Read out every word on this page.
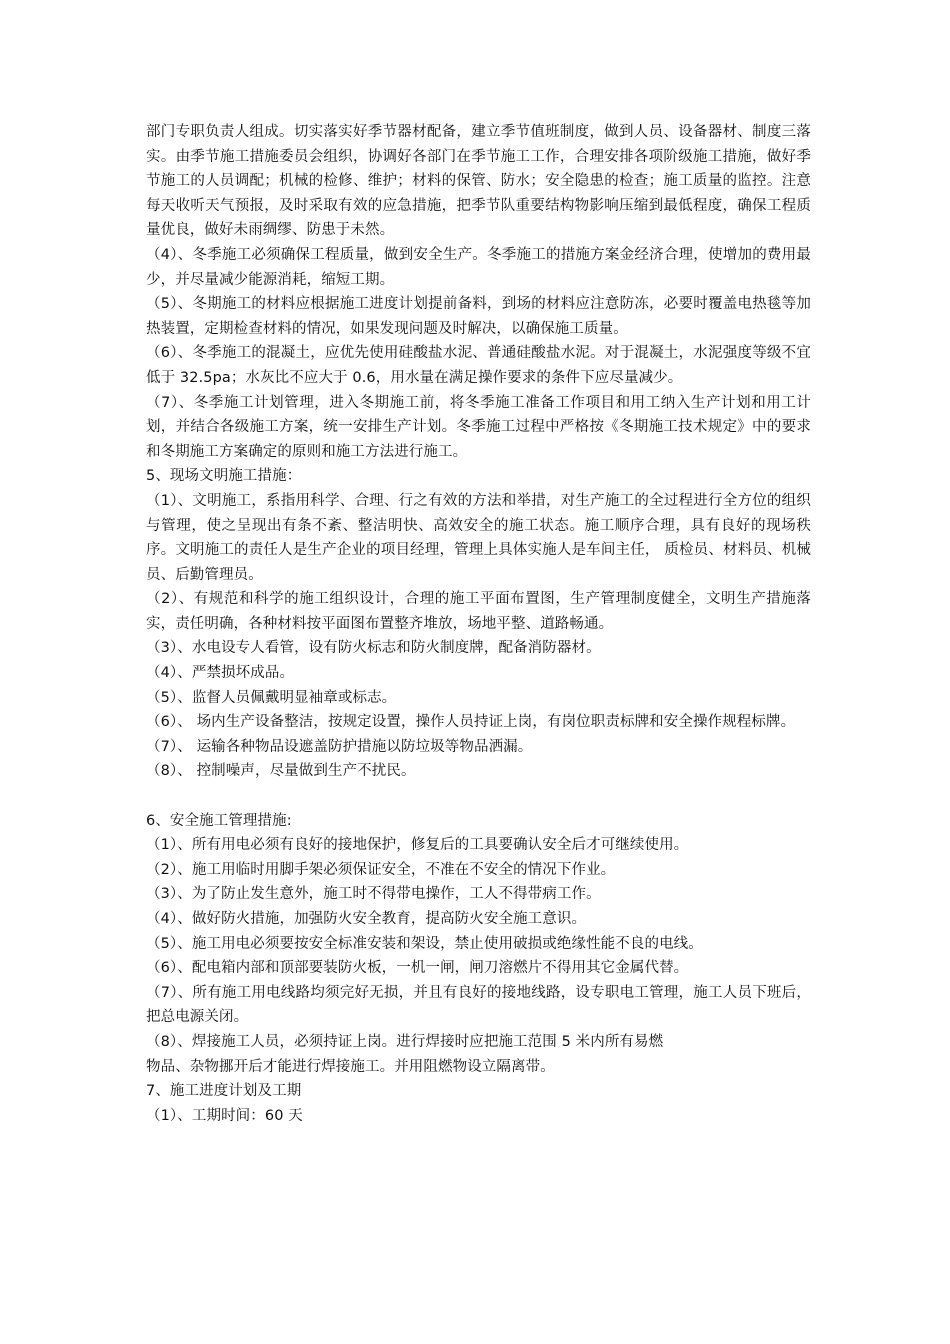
部门专职负责人组成。切实落实好季节器材配备，建立季节值班制度，做到人员、设备器材、制度三落实。由季节施工措施委员会组织，协调好各部门在季节施工工作，合理安排各项阶级施工措施，做好季节施工的人员调配；机械的检修、维护；材料的保管、防水；安全隐患的检查；施工质量的监控。注意每天收听天气预报，及时采取有效的应急措施，把季节队重要结构物影响压缩到最低程度，确保工程质量优良，做好未雨绸缪、防患于未然。

（4）、冬季施工必须确保工程质量，做到安全生产。冬季施工的措施方案金经济合理，使增加的费用最少，并尽量减少能源消耗，缩短工期。

（5）、冬期施工的材料应根据施工进度计划提前备料，到场的材料应注意防冻，必要时覆盖电热毯等加热装置，定期检查材料的情况，如果发现问题及时解决，以确保施工质量。

（6）、冬季施工的混凝土，应优先使用硅酸盐水泥、普通硅酸盐水泥。对于混凝土，水泥强度等级不宜低于 32.5pa；水灰比不应大于 0.6，用水量在满足操作要求的条件下应尽量减少。

（7）、冬季施工计划管理，进入冬期施工前，将冬季施工准备工作项目和用工纳入生产计划和用工计划，并结合各级施工方案，统一安排生产计划。冬季施工过程中严格按《冬期施工技术规定》中的要求和冬期施工方案确定的原则和施工方法进行施工。

5、现场文明施工措施：

（1）、文明施工，系指用科学、合理、行之有效的方法和举措，对生产施工的全过程进行全方位的组织与管理，使之呈现出有条不紊、整洁明快、高效安全的施工状态。施工顺序合理，具有良好的现场秩序。文明施工的责任人是生产企业的项目经理，管理上具体实施人是车间主任， 质检员、材料员、机械员、后勤管理员。

（2）、有规范和科学的施工组织设计，合理的施工平面布置图，生产管理制度健全，文明生产措施落实，责任明确，各种材料按平面图布置整齐堆放，场地平整、道路畅通。

（3）、水电设专人看管，设有防火标志和防火制度牌，配备消防器材。

（4）、严禁损坏成品。

（5）、监督人员佩戴明显袖章或标志。

（6）、 场内生产设备整洁，按规定设置，操作人员持证上岗，有岗位职责标牌和安全操作规程标牌。

（7）、 运输各种物品设遮盖防护措施以防垃圾等物品洒漏。

（8）、 控制噪声，尽量做到生产不扰民。

6、安全施工管理措施:

（1）、所有用电必须有良好的接地保护，修复后的工具要确认安全后才可继续使用。

（2）、施工用临时用脚手架必须保证安全，不准在不安全的情况下作业。

（3）、为了防止发生意外，施工时不得带电操作，工人不得带病工作。

（4）、做好防火措施，加强防火安全教育，提高防火安全施工意识。

（5）、施工用电必须要按安全标准安装和架设，禁止使用破损或绝缘性能不良的电线。

（6）、配电箱内部和顶部要装防火板，一机一闸，闸刀溶燃片不得用其它金属代替。

（7）、所有施工用电线路均须完好无损，并且有良好的接地线路，设专职电工管理，施工人员下班后，把总电源关闭。

（8）、焊接施工人员，必须持证上岗。进行焊接时应把施工范围 5 米内所有易燃

物品、杂物挪开后才能进行焊接施工。并用阻燃物设立隔离带。

7、施工进度计划及工期

（1）、工期时间：60 天
